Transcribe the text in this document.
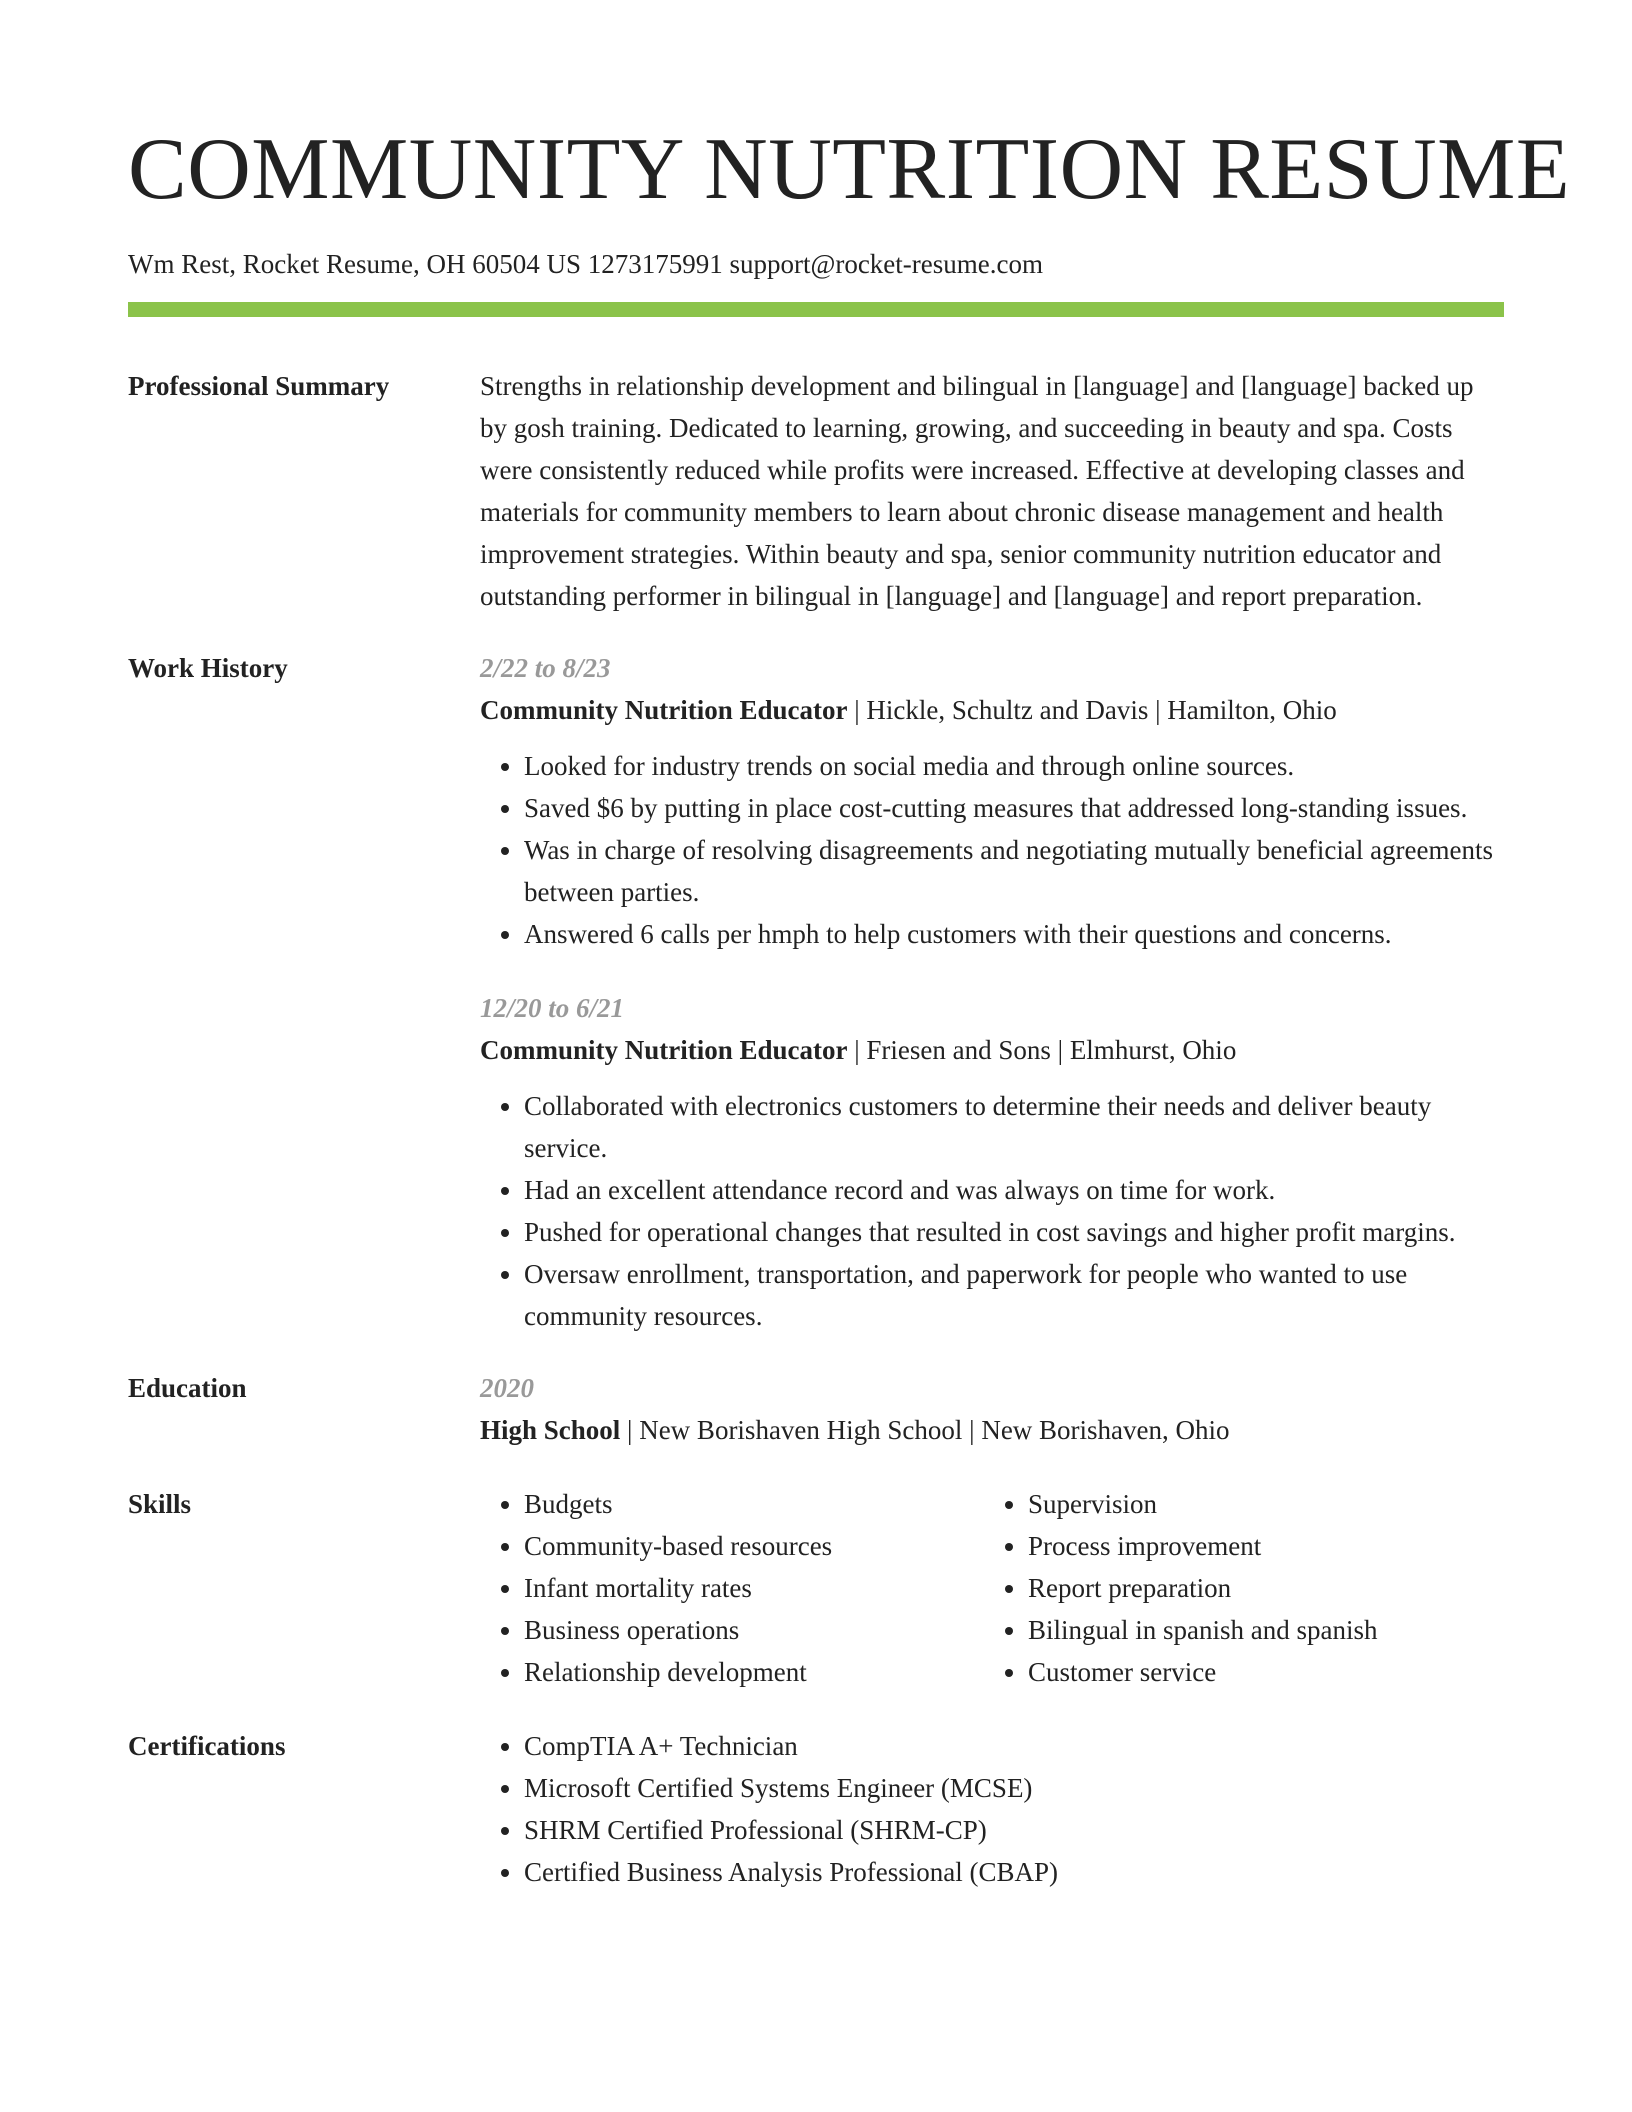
COMMUNITY NUTRITION RESUME
Wm Rest, Rocket Resume, OH 60504 US 1273175991 support@rocket-resume.com
Professional Summary	Strengths in relationship development and bilingual in [language] and [language] backed up by gosh training. Dedicated to learning, growing, and succeeding in beauty and spa. Costs were consistently reduced while profits were increased. Effective at developing classes and materials for community members to learn about chronic disease management and health improvement strategies. Within beauty and spa, senior community nutrition educator and outstanding performer in bilingual in [language] and [language] and report preparation.
Work History	2/22 to 8/23
Community Nutrition Educator | Hickle, Schultz and Davis | Hamilton, Ohio
• Looked for industry trends on social media and through online sources.
• Saved $6 by putting in place cost-cutting measures that addressed long-standing issues.
• Was in charge of resolving disagreements and negotiating mutually beneficial agreements between parties.
• Answered 6 calls per hmph to help customers with their questions and concerns.
12/20 to 6/21
Community Nutrition Educator | Friesen and Sons | Elmhurst, Ohio
• Collaborated with electronics customers to determine their needs and deliver beauty service.
• Had an excellent attendance record and was always on time for work.
• Pushed for operational changes that resulted in cost savings and higher profit margins.
• Oversaw enrollment, transportation, and paperwork for people who wanted to use community resources.
Education	2020
High School | New Borishaven High School | New Borishaven, Ohio
Skills	• Budgets
• Community-based resources
• Infant mortality rates
• Business operations
• Relationship development
• Supervision
• Process improvement
• Report preparation
• Bilingual in spanish and spanish
• Customer service
Certifications	• CompTIA A+ Technician
• Microsoft Certified Systems Engineer (MCSE)
• SHRM Certified Professional (SHRM-CP)
• Certified Business Analysis Professional (CBAP)
